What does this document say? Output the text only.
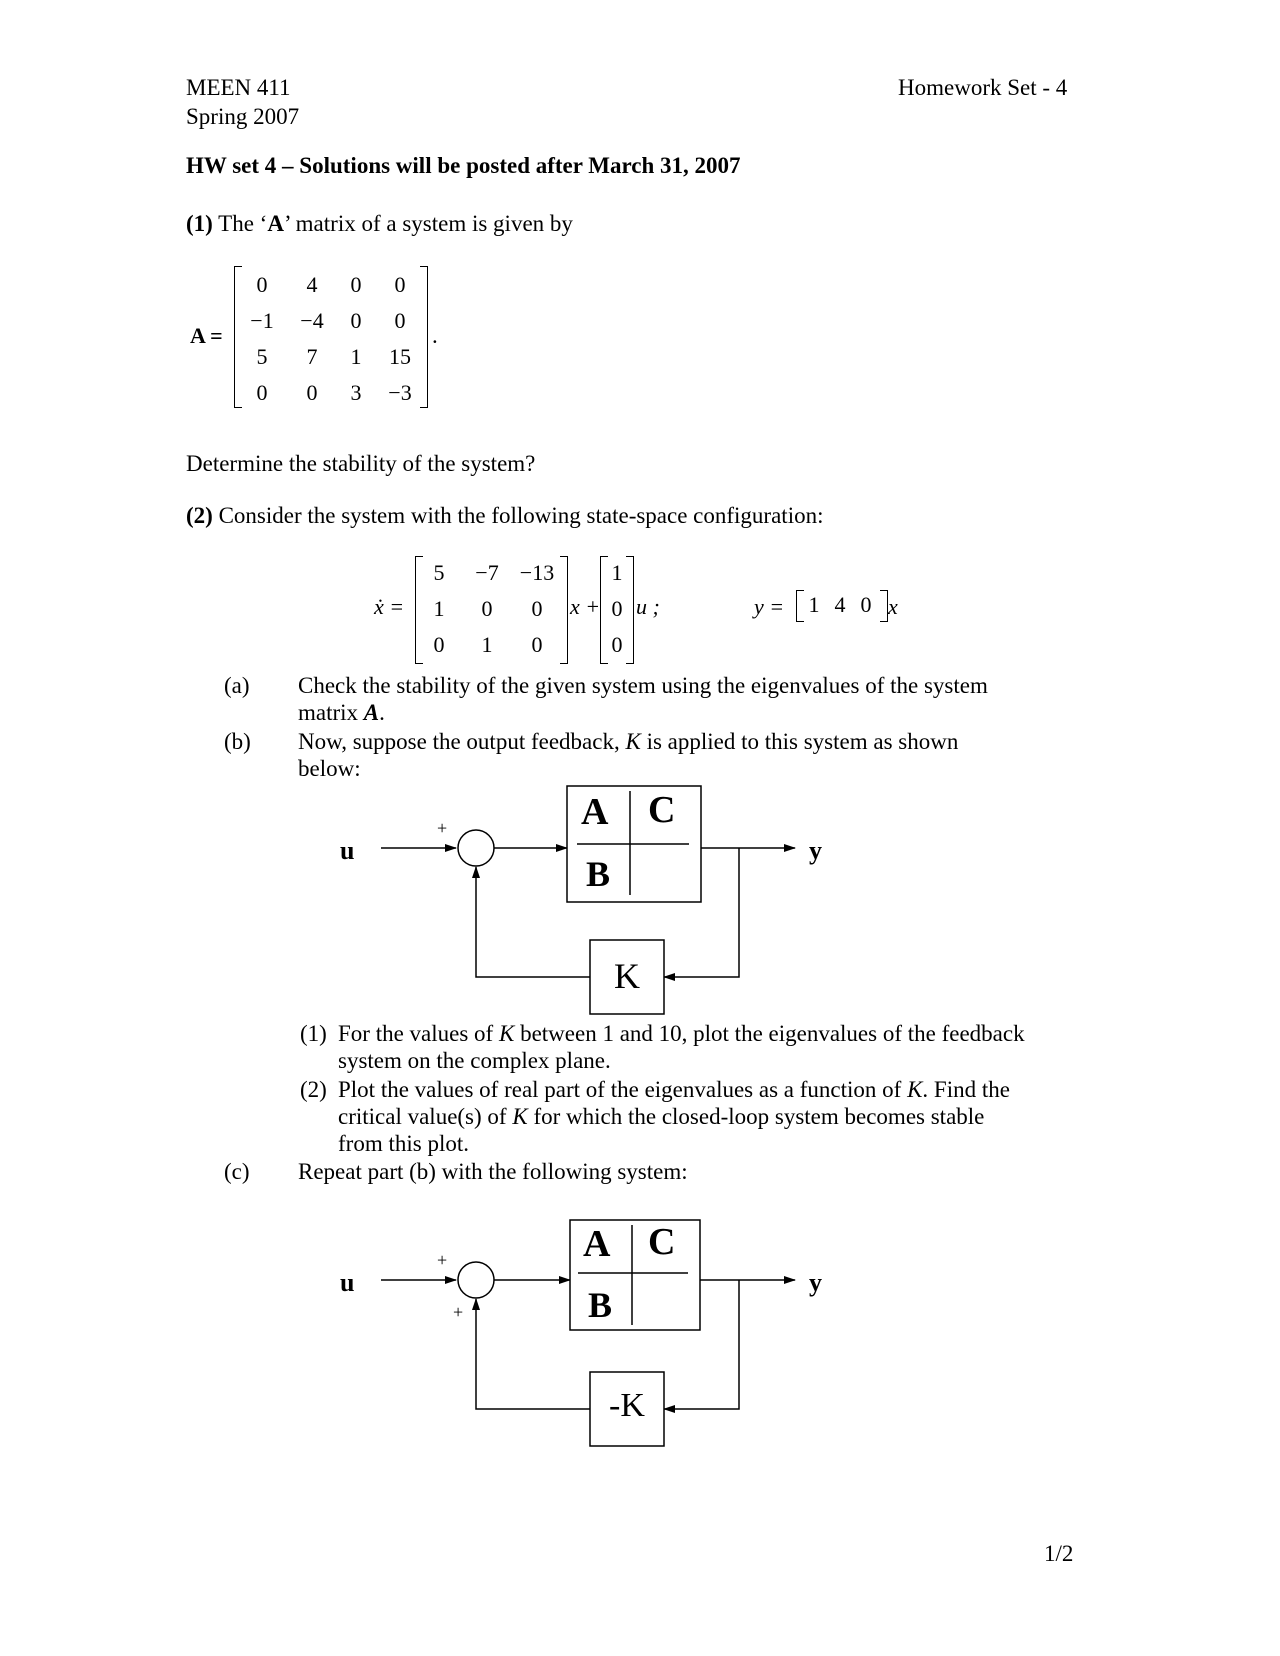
MEEN 411
Spring 2007
Homework Set - 4
HW set 4 – Solutions will be posted after March 31, 2007
(1) The ‘A’ matrix of a system is given by
A =
0	4	0	0
−1	−4	0	0
5	7	1	15
0	0	3	−3
.
Determine the stability of the system?
(2) Consider the system with the following state-space configuration:
ẋ =
5	−7 −13
1	0	0
0	1	0
x +
1
0
0
u ;	y =	1 4 0 x
(a) Check the stability of the given system using the eigenvalues of the system
matrix A.
(b) Now, suppose the output feedback, K is applied to this system as shown
below:
u	y
+	A C
B
K
(1) For the values of K between 1 and 10, plot the eigenvalues of the feedback
system on the complex plane.
(2) Plot the values of real part of the eigenvalues as a function of K. Find the
critical value(s) of K for which the closed-loop system becomes stable
from this plot.
(c) Repeat part (b) with the following system:
u	y
+
+
A C
B
-K
1/2
